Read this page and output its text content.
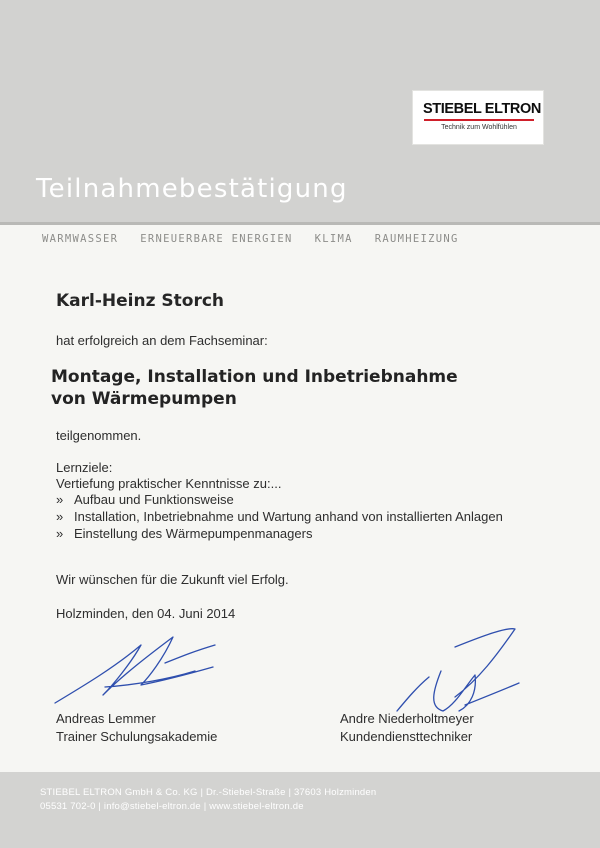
STIEBEL ELTRON
Technik zum Wohlfühlen
Teilnahmebestätigung
WARMWASSER ERNEUERBARE ENERGIEN KLIMA RAUMHEIZUNG
Karl-Heinz Storch
hat erfolgreich an dem Fachseminar:
Montage, Installation und Inbetriebnahme von Wärmepumpen
teilgenommen.
Lernziele:
Vertiefung praktischer Kenntnisse zu:...
» Aufbau und Funktionsweise
» Installation, Inbetriebnahme und Wartung anhand von installierten Anlagen
» Einstellung des Wärmepumpenmanagers
Wir wünschen für die Zukunft viel Erfolg.
Holzminden, den 04. Juni 2014
Andreas Lemmer
Trainer Schulungsakademie
Andre Niederholtmeyer
Kundendiensttechniker
STIEBEL ELTRON GmbH & Co. KG | Dr.-Stiebel-Straße | 37603 Holzminden
05531 702-0 | info@stiebel-eltron.de | www.stiebel-eltron.de
